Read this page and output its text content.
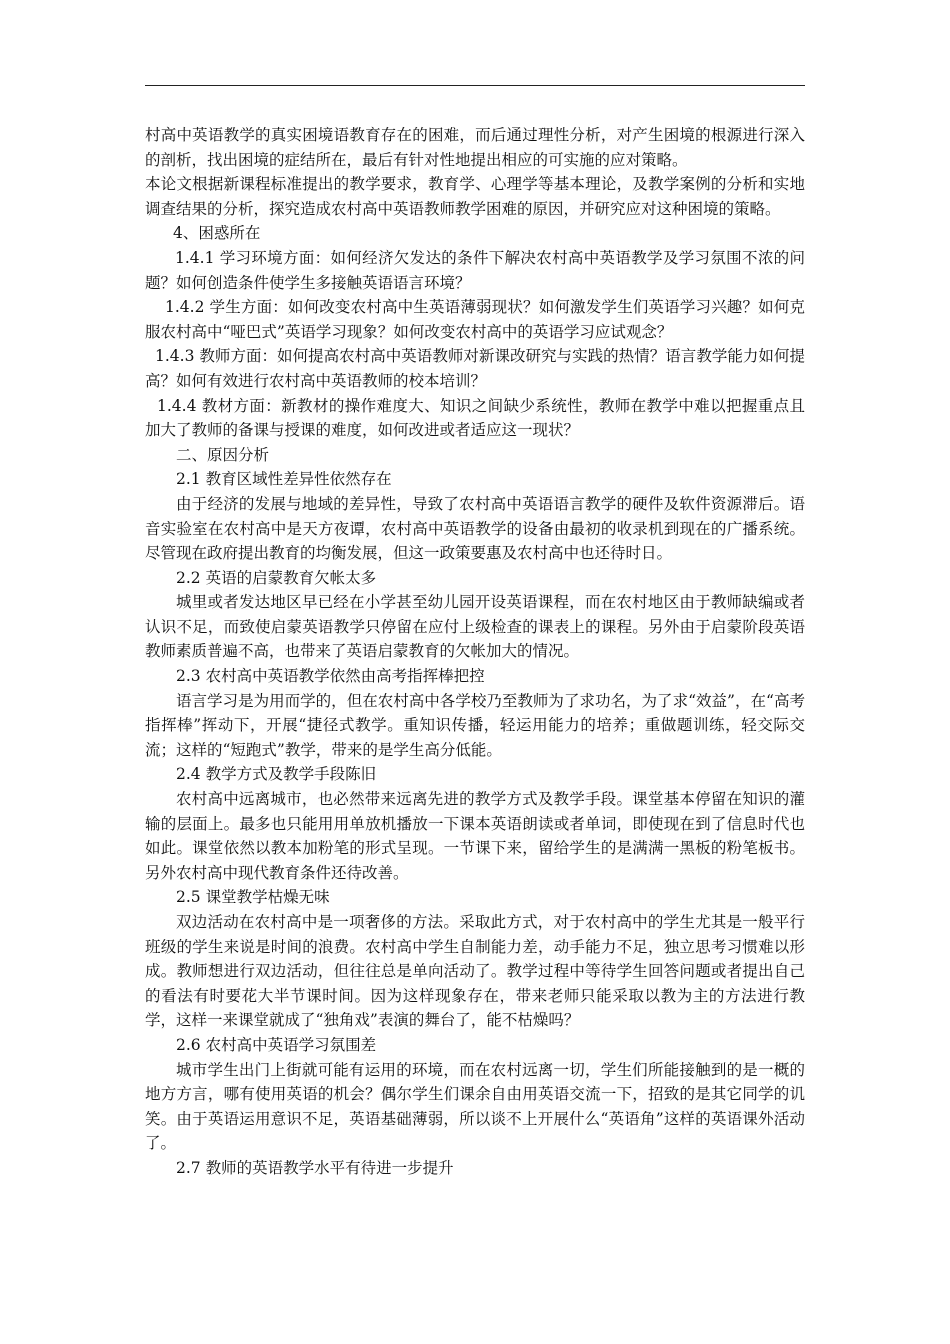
村高中英语教学的真实困境语教育存在的困难，而后通过理性分析，对产生困境的根源进行深入的剖析，找出困境的症结所在，最后有针对性地提出相应的可实施的应对策略。

本论文根据新课程标准提出的教学要求，教育学、心理学等基本理论，及教学案例的分析和实地调查结果的分析，探究造成农村高中英语教师教学困难的原因，并研究应对这种困境的策略。

4、困惑所在

1.4.1 学习环境方面：如何经济欠发达的条件下解决农村高中英语教学及学习氛围不浓的问题？如何创造条件使学生多接触英语语言环境？

1.4.2 学生方面：如何改变农村高中生英语薄弱现状？如何激发学生们英语学习兴趣？如何克服农村高中“哑巴式”英语学习现象？如何改变农村高中的英语学习应试观念？

1.4.3 教师方面：如何提高农村高中英语教师对新课改研究与实践的热情？语言教学能力如何提高？如何有效进行农村高中英语教师的校本培训？

1.4.4 教材方面：新教材的操作难度大、知识之间缺少系统性，教师在教学中难以把握重点且加大了教师的备课与授课的难度，如何改进或者适应这一现状？

二、原因分析

2.1 教育区域性差异性依然存在

由于经济的发展与地域的差异性，导致了农村高中英语语言教学的硬件及软件资源滞后。语音实验室在农村高中是天方夜谭，农村高中英语教学的设备由最初的收录机到现在的广播系统。尽管现在政府提出教育的均衡发展，但这一政策要惠及农村高中也还待时日。

2.2 英语的启蒙教育欠帐太多

城里或者发达地区早已经在小学甚至幼儿园开设英语课程，而在农村地区由于教师缺编或者认识不足，而致使启蒙英语教学只停留在应付上级检查的课表上的课程。另外由于启蒙阶段英语教师素质普遍不高，也带来了英语启蒙教育的欠帐加大的情况。

2.3 农村高中英语教学依然由高考指挥棒把控

语言学习是为用而学的，但在农村高中各学校乃至教师为了求功名，为了求“效益”，在“高考指挥棒”挥动下，开展“捷径式教学。重知识传播，轻运用能力的培养；重做题训练，轻交际交流；这样的“短跑式”教学，带来的是学生高分低能。

2.4 教学方式及教学手段陈旧

农村高中远离城市，也必然带来远离先进的教学方式及教学手段。课堂基本停留在知识的灌输的层面上。最多也只能用用单放机播放一下课本英语朗读或者单词，即使现在到了信息时代也如此。课堂依然以教本加粉笔的形式呈现。一节课下来，留给学生的是满满一黑板的粉笔板书。另外农村高中现代教育条件还待改善。

2.5 课堂教学枯燥无味

双边活动在农村高中是一项奢侈的方法。采取此方式，对于农村高中的学生尤其是一般平行班级的学生来说是时间的浪费。农村高中学生自制能力差，动手能力不足，独立思考习惯难以形成。教师想进行双边活动，但往往总是单向活动了。教学过程中等待学生回答问题或者提出自己的看法有时要花大半节课时间。因为这样现象存在，带来老师只能采取以教为主的方法进行教学，这样一来课堂就成了“独角戏”表演的舞台了，能不枯燥吗？

2.6 农村高中英语学习氛围差

城市学生出门上街就可能有运用的环境，而在农村远离一切，学生们所能接触到的是一概的地方方言，哪有使用英语的机会？偶尔学生们课余自由用英语交流一下，招致的是其它同学的讥笑。由于英语运用意识不足，英语基础薄弱，所以谈不上开展什么“英语角”这样的英语课外活动了。

2.7 教师的英语教学水平有待进一步提升
